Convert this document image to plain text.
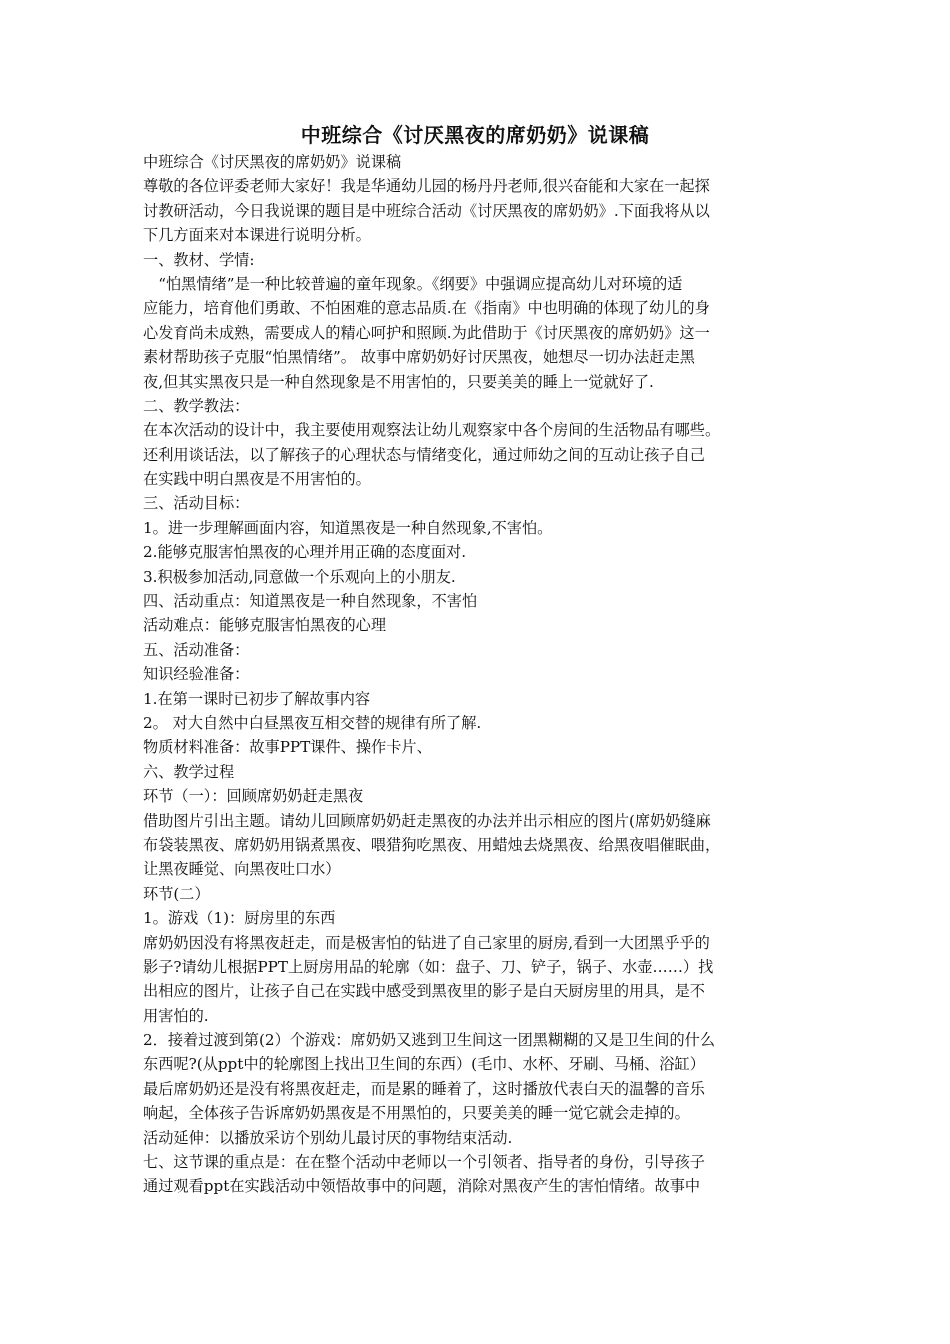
中班综合《讨厌黑夜的席奶奶》说课稿
中班综合《讨厌黑夜的席奶奶》说课稿
尊敬的各位评委老师大家好！我是华通幼儿园的杨丹丹老师,很兴奋能和大家在一起探
讨教研活动，今日我说课的题目是中班综合活动《讨厌黑夜的席奶奶》.下面我将从以
下几方面来对本课进行说明分析。
一、教材、学情:
　“怕黑情绪”是一种比较普遍的童年现象。《纲要》中强调应提高幼儿对环境的适
应能力，培育他们勇敢、不怕困难的意志品质.在《指南》中也明确的体现了幼儿的身
心发育尚未成熟，需要成人的精心呵护和照顾.为此借助于《讨厌黑夜的席奶奶》这一
素材帮助孩子克服“怕黑情绪”。 故事中席奶奶好讨厌黑夜，她想尽一切办法赶走黑
夜,但其实黑夜只是一种自然现象是不用害怕的，只要美美的睡上一觉就好了.
二、教学教法：
在本次活动的设计中，我主要使用观察法让幼儿观察家中各个房间的生活物品有哪些。
还利用谈话法，以了解孩子的心理状态与情绪变化，通过师幼之间的互动让孩子自己
在实践中明白黑夜是不用害怕的。
三、活动目标：
1。进一步理解画面内容，知道黑夜是一种自然现象,不害怕。
2.能够克服害怕黑夜的心理并用正确的态度面对.
3.积极参加活动,同意做一个乐观向上的小朋友.
四、活动重点：知道黑夜是一种自然现象，不害怕
活动难点：能够克服害怕黑夜的心理
五、活动准备：
知识经验准备：
1.在第一课时已初步了解故事内容
2。 对大自然中白昼黑夜互相交替的规律有所了解.
物质材料准备：故事PPT课件、操作卡片、
六、教学过程
环节（一）：回顾席奶奶赶走黑夜
借助图片引出主题。请幼儿回顾席奶奶赶走黑夜的办法并出示相应的图片(席奶奶缝麻
布袋装黑夜、席奶奶用锅煮黑夜、喂猎狗吃黑夜、用蜡烛去烧黑夜、给黑夜唱催眠曲，
让黑夜睡觉、向黑夜吐口水）
环节(二）
1。游戏（1)：厨房里的东西
席奶奶因没有将黑夜赶走，而是极害怕的钻进了自己家里的厨房,看到一大团黑乎乎的
影子?请幼儿根据PPT上厨房用品的轮廓（如：盘子、刀、铲子，锅子、水壶……）找
出相应的图片，让孩子自己在实践中感受到黑夜里的影子是白天厨房里的用具，是不
用害怕的.
2．接着过渡到第(2）个游戏：席奶奶又逃到卫生间这一团黑糊糊的又是卫生间的什么
东西呢?(从ppt中的轮廓图上找出卫生间的东西）(毛巾、水杯、牙刷、马桶、浴缸）
最后席奶奶还是没有将黑夜赶走，而是累的睡着了，这时播放代表白天的温馨的音乐
响起，全体孩子告诉席奶奶黑夜是不用黑怕的，只要美美的睡一觉它就会走掉的。
活动延伸：以播放采访个别幼儿最讨厌的事物结束活动.
七、这节课的重点是：在在整个活动中老师以一个引领者、指导者的身份，引导孩子
通过观看ppt在实践活动中领悟故事中的问题，消除对黑夜产生的害怕情绪。故事中
